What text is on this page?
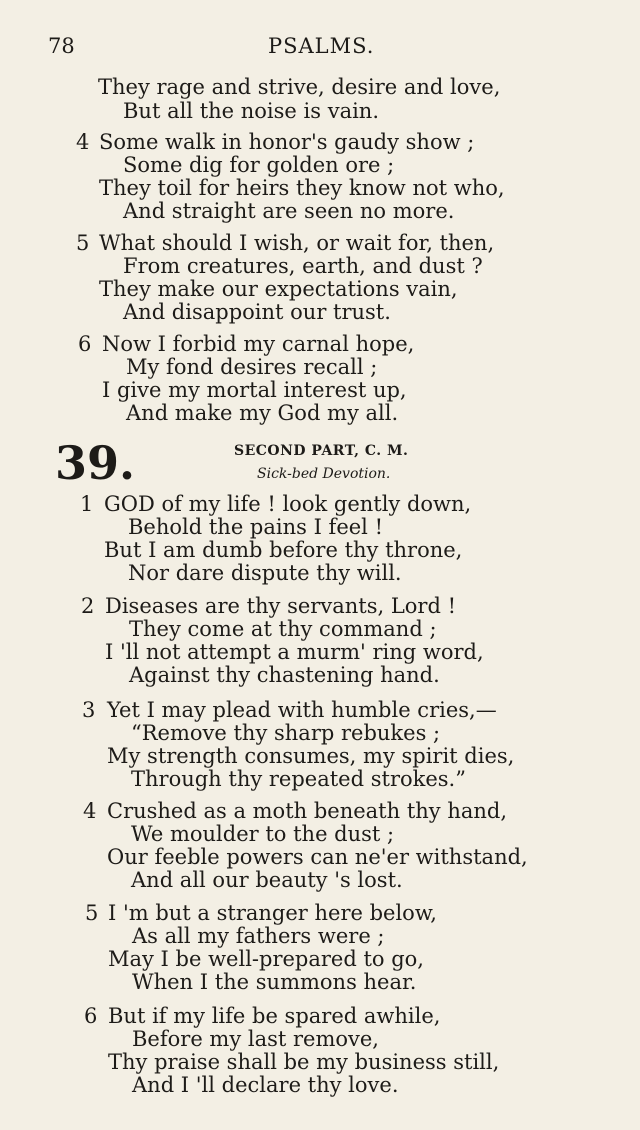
78	PSALMS.
They rage and strive, desire and love,
But all the noise is vain.
4 Some walk in honor's gaudy show ;
Some dig for golden ore ;
They toil for heirs they know not who,
And straight are seen no more.
5 What should I wish, or wait for, then,
From creatures, earth, and dust ?
They make our expectations vain,
And disappoint our trust.
6 Now I forbid my carnal hope,
My fond desires recall ;
I give my mortal interest up,
And make my God my all.
39.	SECOND PART, C. M.
Sick-bed Devotion.
1 GOD of my life ! look gently down,
Behold the pains I feel !
But I am dumb before thy throne,
Nor dare dispute thy will.
2 Diseases are thy servants, Lord !
They come at thy command ;
I 'll not attempt a murm' ring word,
Against thy chastening hand.
3 Yet I may plead with humble cries,—
“Remove thy sharp rebukes ;
My strength consumes, my spirit dies,
Through thy repeated strokes.”
4 Crushed as a moth beneath thy hand,
We moulder to the dust ;
Our feeble powers can ne'er withstand,
And all our beauty 's lost.
5 I 'm but a stranger here below,
As all my fathers were ;
May I be well-prepared to go,
When I the summons hear.
6 But if my life be spared awhile,
Before my last remove,
Thy praise shall be my business still,
And I 'll declare thy love.
